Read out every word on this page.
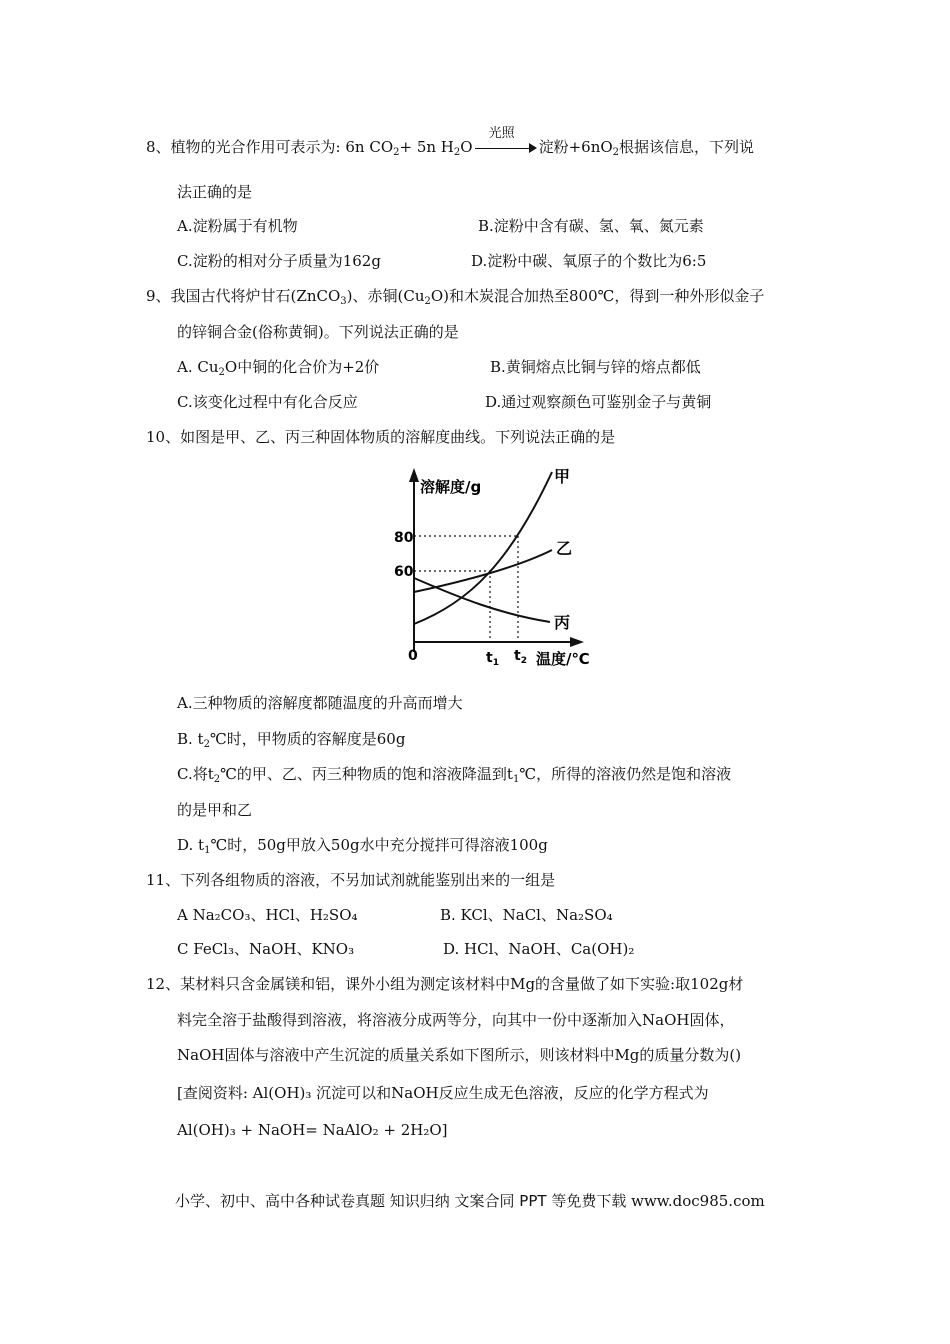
8、植物的光合作用可表示为: 6n $CO_2+ 5n$ $H_2O$
光照
淀粉$+6nO_2$根据该信息，下列说
法正确的是
A.淀粉属于有机物	B.淀粉中含有碳、氢、氧、氮元素
C.淀粉的相对分子质量为162g	D.淀粉中碳、氧原子的个数比为6:5
9、我国古代将炉甘石(ZnCO$_3$)、赤铜$(Cu_2O)$和木炭混合加热至800℃，得到一种外形似金子
的锌铜合金(俗称黄铜)。下列说法正确的是
A. $Cu_2O$中铜的化合价为+2价	B.黄铜熔点比铜与锌的熔点都低
C.该变化过程中有化合反应	D.通过观察颜色可鉴别金子与黄铜
10、如图是甲、乙、丙三种固体物质的溶解度曲线。下列说法正确的是
溶解度/g
甲
乙
丙
80
60
0	$t_1$ $t_2$ 温度/℃
A.三种物质的溶解度都随温度的升高而增大
B. $t_2℃$时，甲物质的容解度是60g
C.将$t_2℃$的甲、乙、丙三种物质的饱和溶液降温到$t_1℃$，所得的溶液仍然是饱和溶液
的是甲和乙
D. $t_1℃$时，50g甲放入50g水中充分搅拌可得溶液100g
11、下列各组物质的溶液，不另加试剂就能鉴别出来的一组是
A Na₂CO₃、HCl、H₂SO₄	B. KCl、NaCl、Na₂SO₄
C FeCl₃、NaOH、KNO₃	D. HCl、NaOH、Ca(OH)₂
12、某材料只含金属镁和铝，课外小组为测定该材料中Mg的含量做了如下实验:取102g材
料完全溶于盐酸得到溶液，将溶液分成两等分，向其中一份中逐渐加入NaOH固体，
NaOH固体与溶液中产生沉淀的质量关系如下图所示，则该材料中Mg的质量分数为()
[查阅资料: Al(OH)₃ 沉淀可以和NaOH反应生成无色溶液，反应的化学方程式为
Al(OH)₃ + NaOH= NaAlO₂ + 2H₂O]
小学、初中、高中各种试卷真题 知识归纳 文案合同 PPT 等免费下载 www.doc985.com
